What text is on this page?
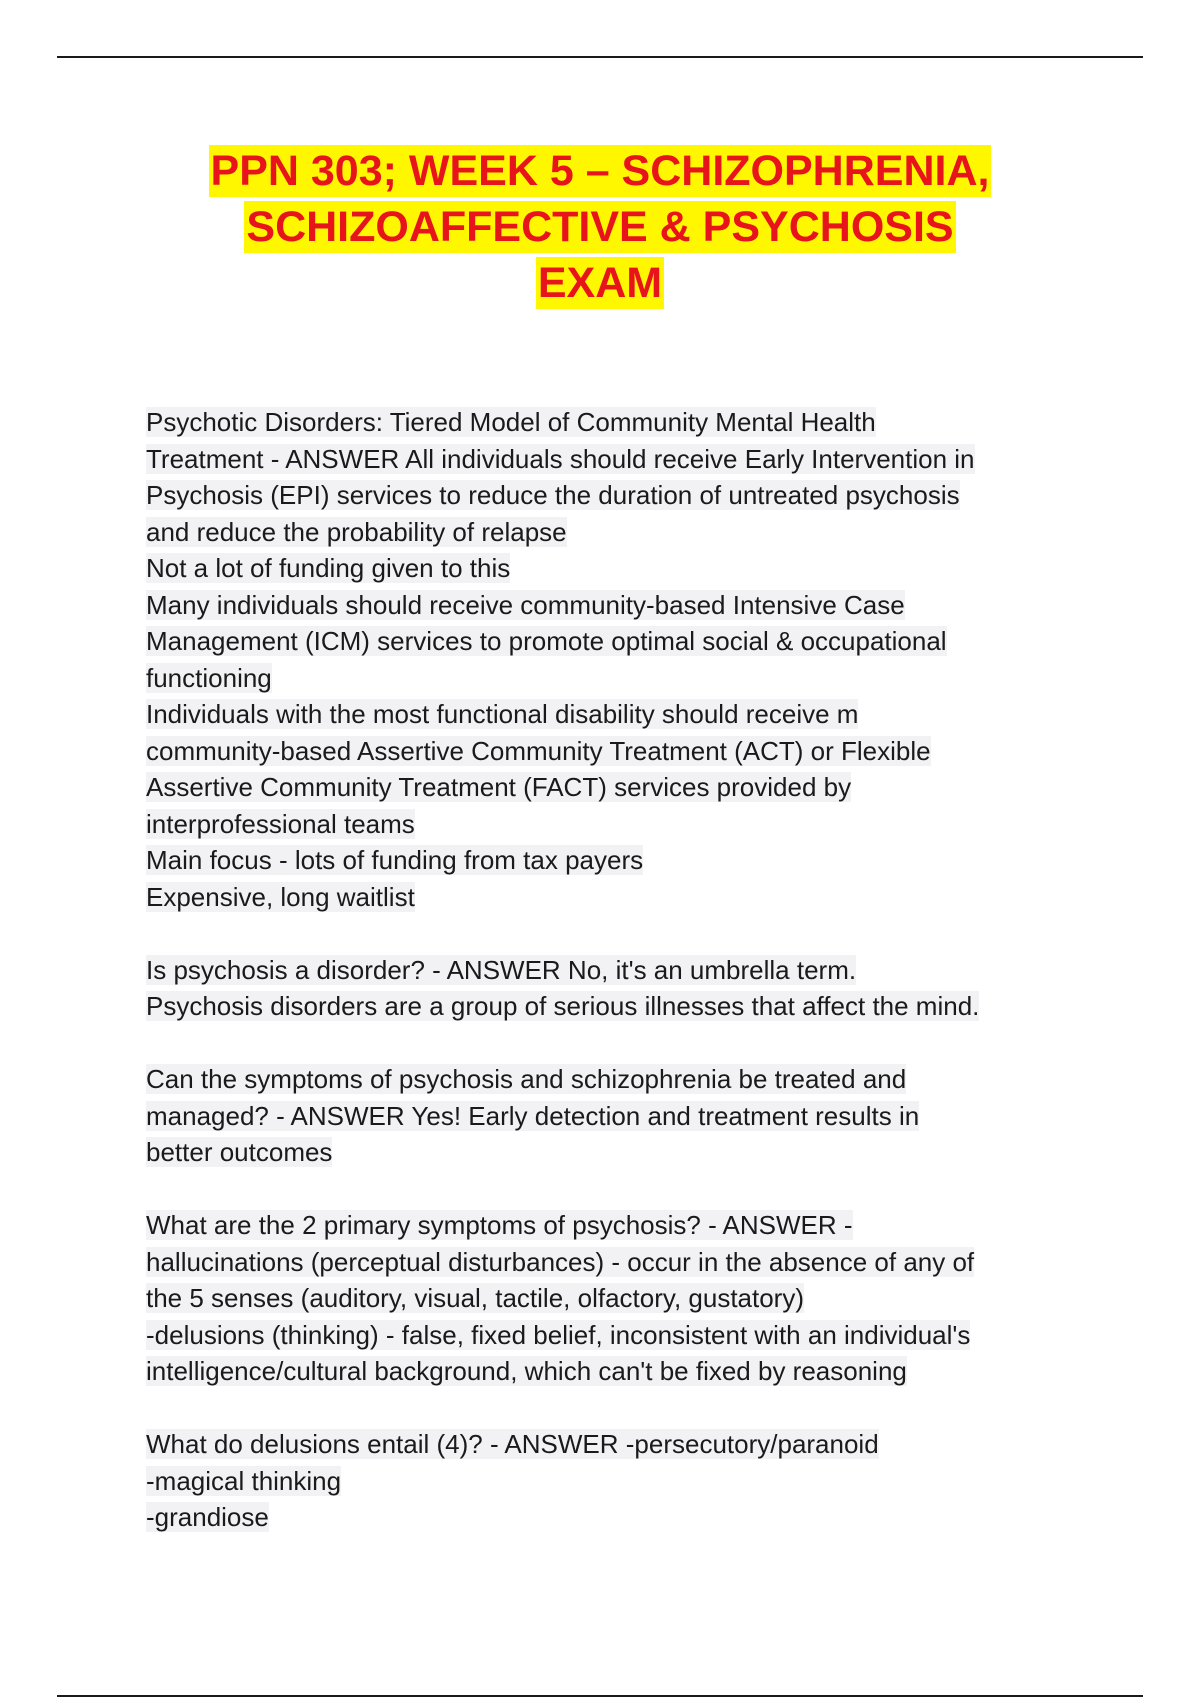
PPN 303; WEEK 5 – SCHIZOPHRENIA,
SCHIZOAFFECTIVE & PSYCHOSIS
EXAM
Psychotic Disorders: Tiered Model of Community Mental Health
Treatment - ANSWER All individuals should receive Early Intervention in
Psychosis (EPI) services to reduce the duration of untreated psychosis
and reduce the probability of relapse
Not a lot of funding given to this
Many individuals should receive community-based Intensive Case
Management (ICM) services to promote optimal social & occupational
functioning
Individuals with the most functional disability should receive m
community-based Assertive Community Treatment (ACT) or Flexible
Assertive Community Treatment (FACT) services provided by
interprofessional teams
Main focus - lots of funding from tax payers
Expensive, long waitlist
Is psychosis a disorder? - ANSWER No, it's an umbrella term.
Psychosis disorders are a group of serious illnesses that affect the mind.
Can the symptoms of psychosis and schizophrenia be treated and
managed? - ANSWER Yes! Early detection and treatment results in
better outcomes
What are the 2 primary symptoms of psychosis? - ANSWER -
hallucinations (perceptual disturbances) - occur in the absence of any of
the 5 senses (auditory, visual, tactile, olfactory, gustatory)
-delusions (thinking) - false, fixed belief, inconsistent with an individual's
intelligence/cultural background, which can't be fixed by reasoning
What do delusions entail (4)? - ANSWER -persecutory/paranoid
-magical thinking
-grandiose
